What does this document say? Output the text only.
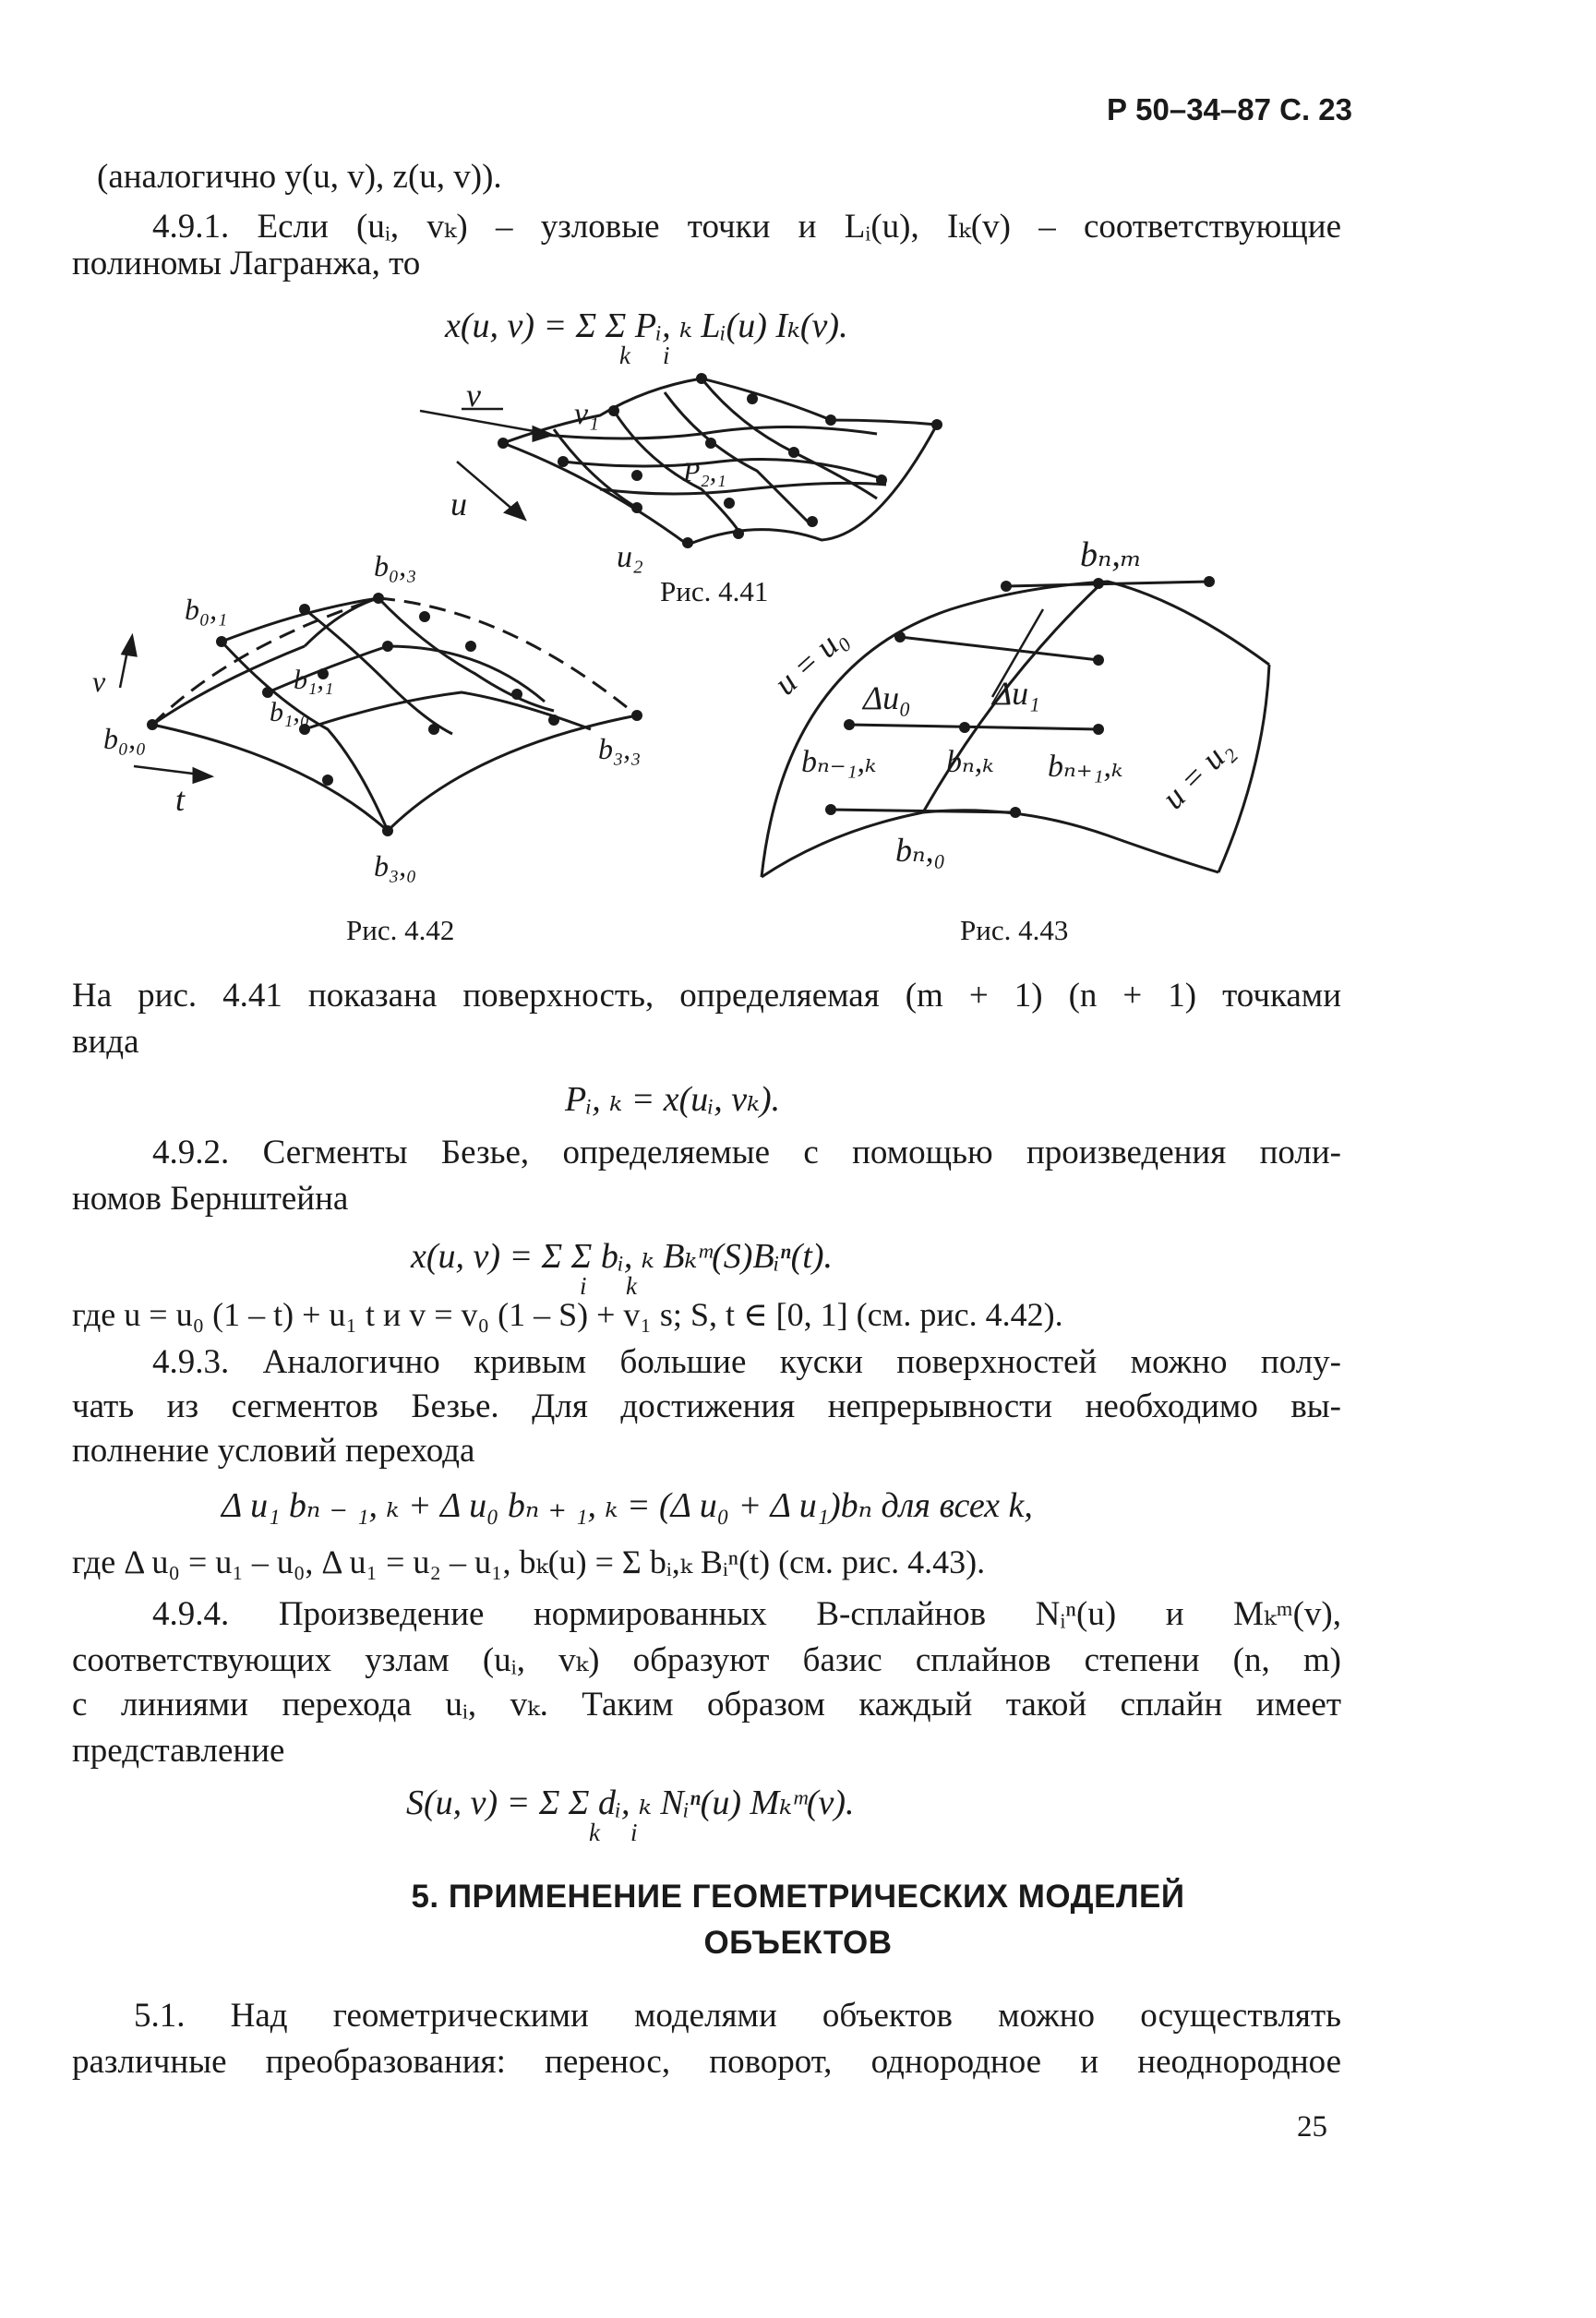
Р 50–34–87 С. 23
(аналогично y(u, v), z(u, v)).
4.9.1. Если (uᵢ, vₖ) – узловые точки и Lᵢ(u), Iₖ(v) – соответствующие
полиномы Лагранжа, то
x(u, v) = Σ Σ Pᵢ, ₖ Lᵢ(u) Iₖ(v).
k i
v
v₁
u
P₂,₁
u₂
Рис. 4.41
b₀,₃
b₀,₁
b₁,₁
b₁,₀
v
b₀,₀	b₃,₃
t
b₃,₀
Рис. 4.42
bₙ,ₘ
u = u₀ Δu₀ Δu₁
bₙ₋₁,ₖ bₙ,ₖ bₙ₊₁,ₖ u = u₂
bₙ,₀
Рис. 4.43
На рис. 4.41 показана поверхность, определяемая (m + 1) (n + 1) точками
вида
Pᵢ, ₖ = x(uᵢ, vₖ).
4.9.2. Сегменты Безье, определяемые с помощью произведения поли-
номов Бернштейна
x(u, v) = Σ Σ bᵢ, ₖ Bₖᵐ(S)Bᵢⁿ(t).
i k
где u = u₀ (1 – t) + u₁ t и v = v₀ (1 – S) + v₁ s; S, t ∈ [0, 1] (см. рис. 4.42).
4.9.3. Аналогично кривым большие куски поверхностей можно полу-
чать из сегментов Безье. Для достижения непрерывности необходимо вы-
полнение условий перехода
Δ u₁ bₙ ₋ ₁, ₖ + Δ u₀ bₙ ₊ ₁, ₖ = (Δ u₀ + Δ u₁)bₙ для всех k,
где Δ u₀ = u₁ – u₀, Δ u₁ = u₂ – u₁, bₖ(u) = Σ bᵢ,ₖ Bᵢⁿ(t) (см. рис. 4.43).
4.9.4. Произведение нормированных B-сплайнов Nᵢⁿ(u) и Mₖᵐ(v),
соответствующих узлам (uᵢ, vₖ) образуют базис сплайнов степени (n, m)
с линиями перехода uᵢ, vₖ. Таким образом каждый такой сплайн имеет
представление
S(u, v) = Σ Σ dᵢ, ₖ Nᵢⁿ(u) Mₖᵐ(v).
k i
5. ПРИМЕНЕНИЕ ГЕОМЕТРИЧЕСКИХ МОДЕЛЕЙ
ОБЪЕКТОВ
5.1. Над геометрическими моделями объектов можно осуществлять
различные преобразования: перенос, поворот, однородное и неоднородное
25
